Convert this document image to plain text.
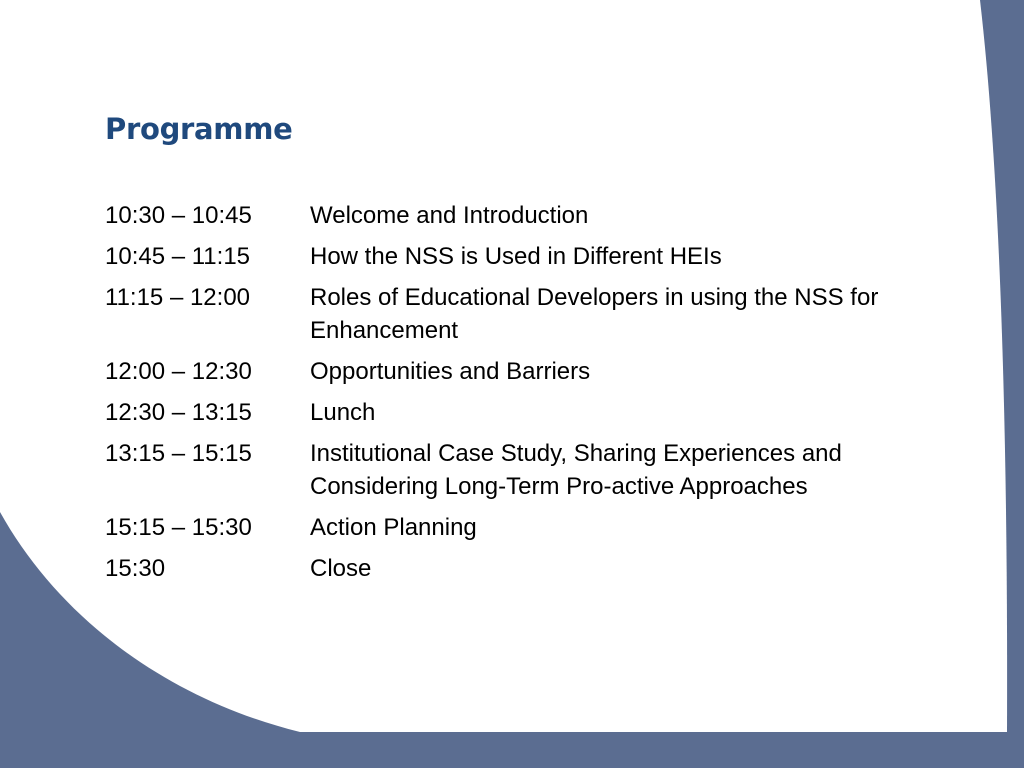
Programme
10:30 – 10:45	Welcome and Introduction
10:45 – 11:15	How the NSS is Used in Different HEIs
11:15 – 12:00	Roles of Educational Developers in using the NSS for Enhancement
12:00 – 12:30	Opportunities and Barriers
12:30 – 13:15	Lunch
13:15 – 15:15	Institutional Case Study, Sharing Experiences and Considering Long-Term Pro-active Approaches
15:15 – 15:30	Action Planning
15:30	Close
